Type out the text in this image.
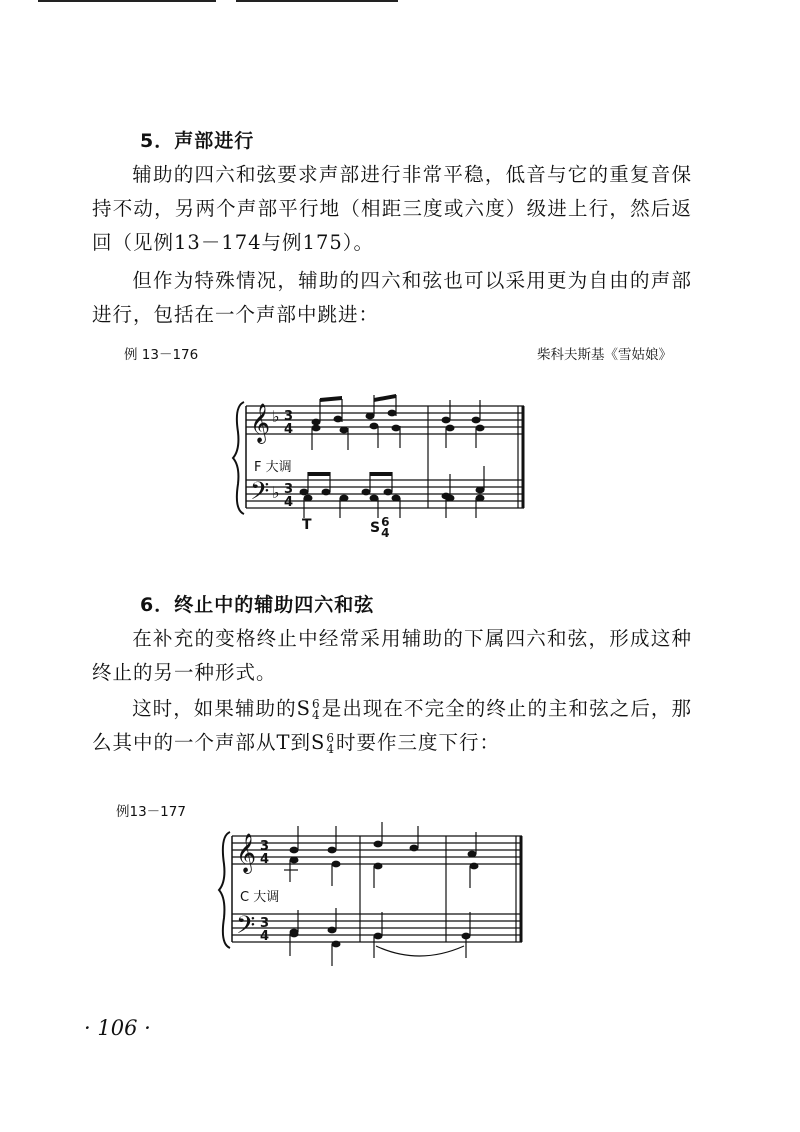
5．声部进行

辅助的四六和弦要求声部进行非常平稳，低音与它的重复音保持不动，另两个声部平行地（相距三度或六度）级进上行，然后返回（见例13－174与例175）。

但作为特殊情况，辅助的四六和弦也可以采用更为自由的声部进行，包括在一个声部中跳进：

例 13－176	柴科夫斯基《雪姑娘》
𝄞
𝄢
♭
♭
3
4
3
4
F 大调
T	S 6
4
6．终止中的辅助四六和弦

在补充的变格终止中经常采用辅助的下属四六和弦，形成这种终止的另一种形式。

这时，如果辅助的S 6
4 是出现在不完全的终止的主和弦之后，那么其中的一个声部从T到S 6
4 时要作三度下行：

例13－177
𝄞
𝄢
3
4
3
4
C 大调
· 106 ·
